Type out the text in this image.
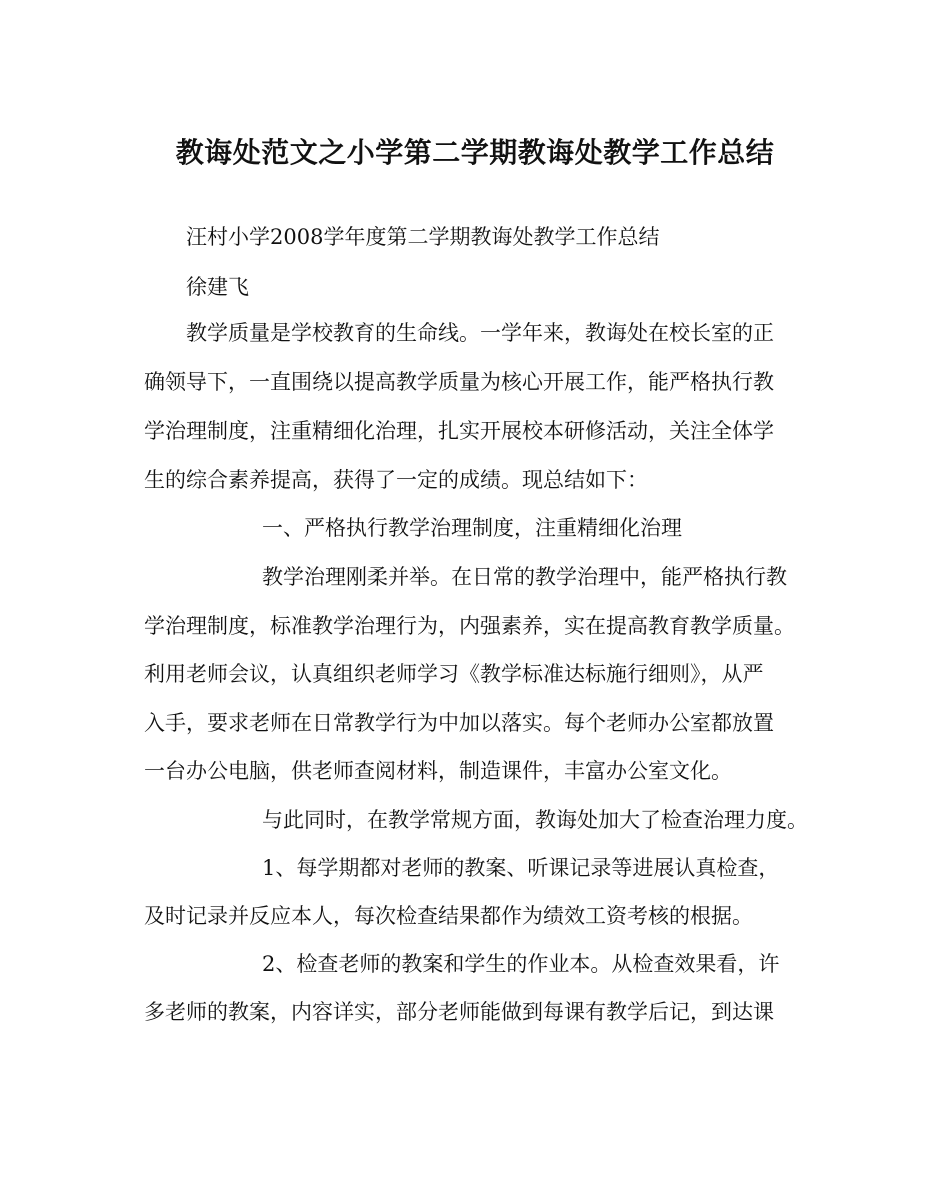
教诲处范文之小学第二学期教诲处教学工作总结

汪村小学2008学年度第二学期教诲处教学工作总结

徐建飞

教学质量是学校教育的生命线。一学年来，教诲处在校长室的正

确领导下，一直围绕以提高教学质量为核心开展工作，能严格执行教

学治理制度，注重精细化治理，扎实开展校本研修活动，关注全体学

生的综合素养提高，获得了一定的成绩。现总结如下：

一、严格执行教学治理制度，注重精细化治理

教学治理刚柔并举。在日常的教学治理中，能严格执行教

学治理制度，标准教学治理行为，内强素养，实在提高教育教学质量。

利用老师会议，认真组织老师学习《教学标准达标施行细则》，从严

入手，要求老师在日常教学行为中加以落实。每个老师办公室都放置

一台办公电脑，供老师查阅材料，制造课件，丰富办公室文化。

与此同时，在教学常规方面，教诲处加大了检查治理力度。

1、每学期都对老师的教案、听课记录等进展认真检查，

及时记录并反应本人，每次检查结果都作为绩效工资考核的根据。

2、检查老师的教案和学生的作业本。从检查效果看，许

多老师的教案，内容详实，部分老师能做到每课有教学后记，到达课
